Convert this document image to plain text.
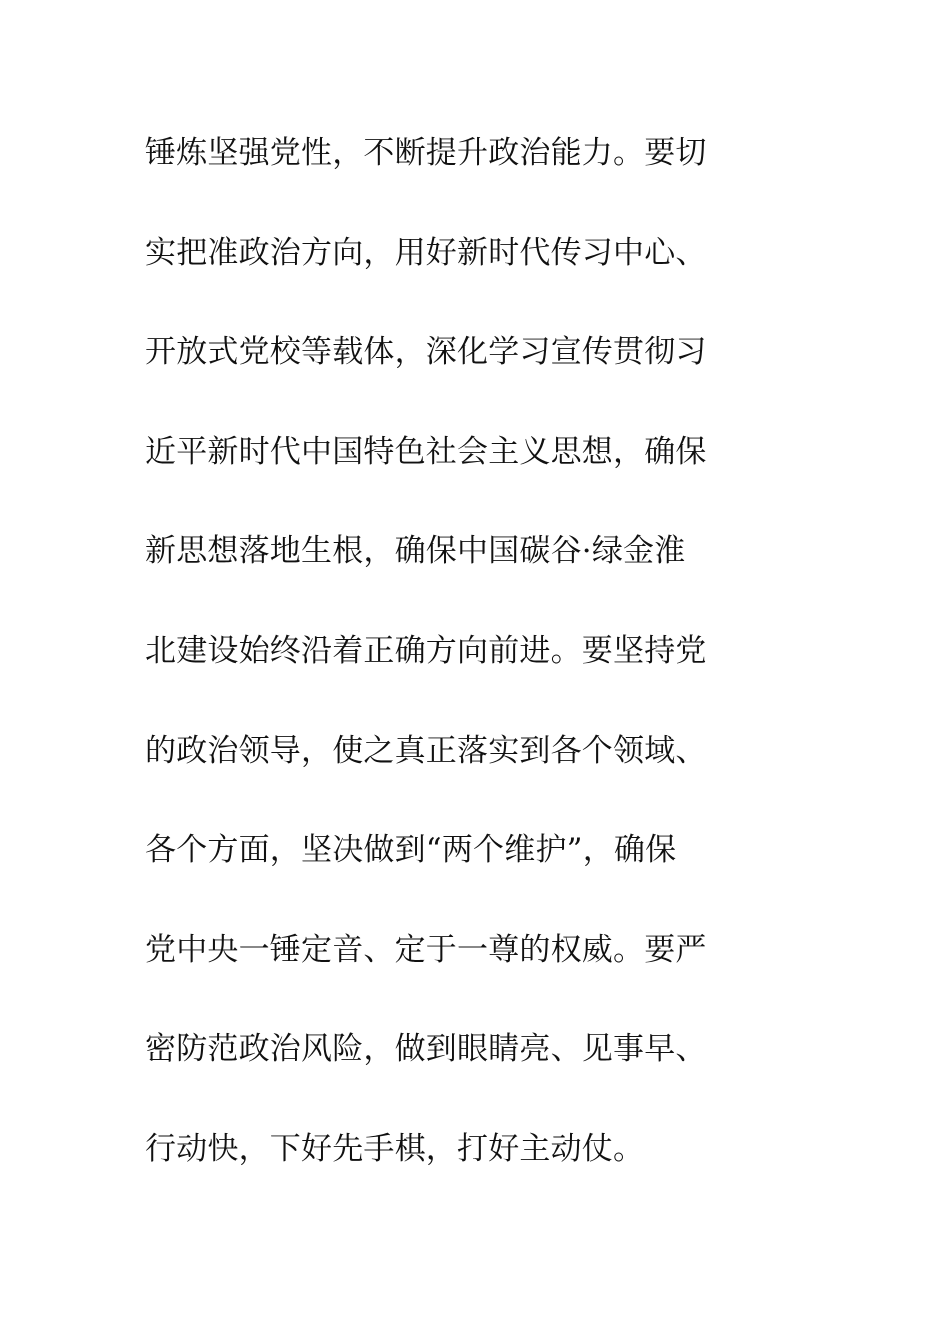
锤炼坚强党性，不断提升政治能力。要切
实把准政治方向，用好新时代传习中心、
开放式党校等载体，深化学习宣传贯彻习
近平新时代中国特色社会主义思想，确保
新思想落地生根，确保中国碳谷·绿金淮
北建设始终沿着正确方向前进。要坚持党
的政治领导，使之真正落实到各个领域、
各个方面，坚决做到“两个维护”，确保
党中央一锤定音、定于一尊的权威。要严
密防范政治风险，做到眼睛亮、见事早、
行动快，下好先手棋，打好主动仗。
